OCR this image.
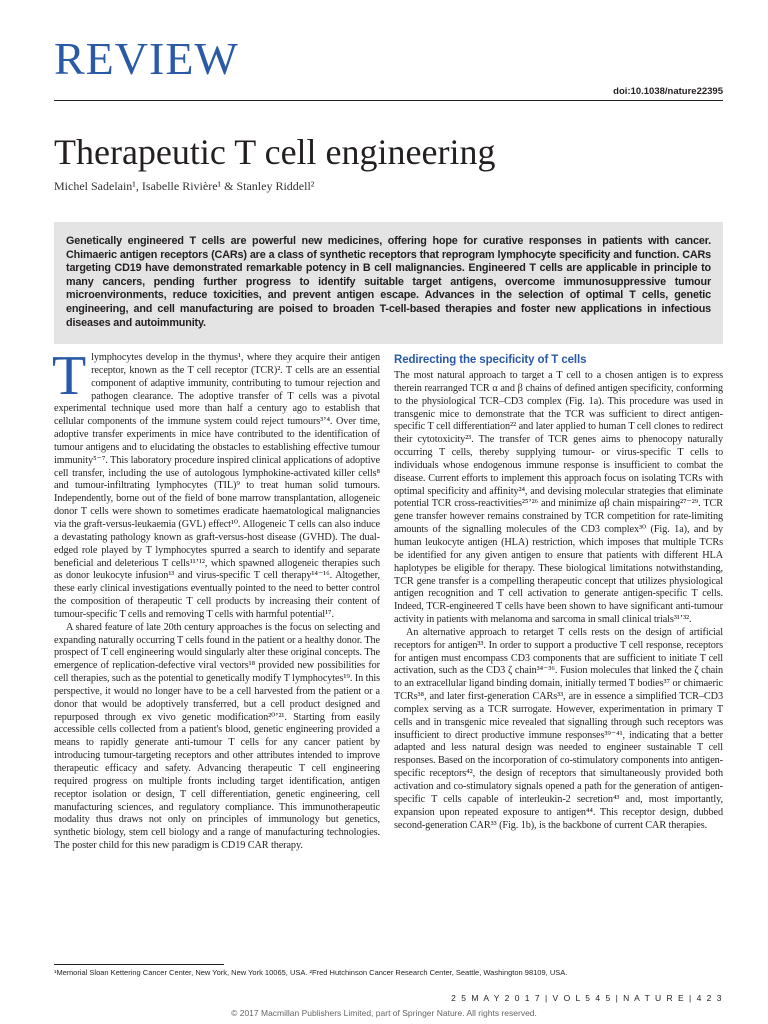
REVIEW
doi:10.1038/nature22395
Therapeutic T cell engineering
Michel Sadelain¹, Isabelle Rivière¹ & Stanley Riddell²

Genetically engineered T cells are powerful new medicines, offering hope for curative responses in patients with cancer. Chimaeric antigen receptors (CARs) are a class of synthetic receptors that reprogram lymphocyte specificity and function. CARs targeting CD19 have demonstrated remarkable potency in B cell malignancies. Engineered T cells are applicable in principle to many cancers, pending further progress to identify suitable target antigens, overcome immunosuppressive tumour microenvironments, reduce toxicities, and prevent antigen escape. Advances in the selection of optimal T cells, genetic engineering, and cell manufacturing are poised to broaden T-cell-based therapies and foster new applications in infectious diseases and autoimmunity.

Tlymphocytes develop in the thymus¹, where they acquire their antigen receptor, known as the T cell receptor (TCR)². T cells are an essential component of adaptive immunity, contributing to tumour rejection and pathogen clearance. The adoptive transfer of T cells was a pivotal experimental technique used more than half a century ago to establish that cellular components of the immune system could reject tumours³ʼ⁴. Over time, adoptive transfer experiments in mice have contributed to the identification of tumour antigens and to elucidating the obstacles to establishing effective tumour immunity⁵⁻⁷. This laboratory procedure inspired clinical applications of adoptive cell transfer, including the use of autologous lymphokine-activated killer cells⁸ and tumour-infiltrating lymphocytes (TIL)⁹ to treat human solid tumours. Independently, borne out of the field of bone marrow transplantation, allogeneic donor T cells were shown to sometimes eradicate haematological malignancies via the graft-versus-leukaemia (GVL) effect¹⁰. Allogeneic T cells can also induce a devastating pathology known as graft-versus-host disease (GVHD). The dual-edged role played by T lymphocytes spurred a search to identify and separate beneficial and deleterious T cells¹¹ʼ¹², which spawned allogeneic therapies such as donor leukocyte infusion¹³ and virus-specific T cell therapy¹⁴⁻¹⁶. Altogether, these early clinical investigations eventually pointed to the need to better control the composition of therapeutic T cell products by increasing their content of tumour-specific T cells and removing T cells with harmful potential¹⁷.

A shared feature of late 20th century approaches is the focus on selecting and expanding naturally occurring T cells found in the patient or a healthy donor. The prospect of T cell engineering would singularly alter these original concepts. The emergence of replication-defective viral vectors¹⁸ provided new possibilities for cell therapies, such as the potential to genetically modify T lymphocytes¹⁹. In this perspective, it would no longer have to be a cell harvested from the patient or a donor that would be adoptively transferred, but a cell product designed and repurposed through ex vivo genetic modification²⁰ʼ²¹. Starting from easily accessible cells collected from a patient's blood, genetic engineering provided a means to rapidly generate anti-tumour T cells for any cancer patient by introducing tumour-targeting receptors and other attributes intended to improve therapeutic efficacy and safety. Advancing therapeutic T cell engineering required progress on multiple fronts including target identification, antigen receptor isolation or design, T cell differentiation, genetic engineering, cell manufacturing sciences, and regulatory compliance. This immunotherapeutic modality thus draws not only on principles of immunology but genetics, synthetic biology, stem cell biology and a range of manufacturing technologies. The poster child for this new paradigm is CD19 CAR therapy.

Redirecting the specificity of T cells

The most natural approach to target a T cell to a chosen antigen is to express therein rearranged TCR α and β chains of defined antigen specificity, conforming to the physiological TCR–CD3 complex (Fig. 1a). This procedure was used in transgenic mice to demonstrate that the TCR was sufficient to direct antigen-specific T cell differentiation²² and later applied to human T cell clones to redirect their cytotoxicity²³. The transfer of TCR genes aims to phenocopy naturally occurring T cells, thereby supplying tumour- or virus-specific T cells to individuals whose endogenous immune response is insufficient to combat the disease. Current efforts to implement this approach focus on isolating TCRs with optimal specificity and affinity²⁴, and devising molecular strategies that eliminate potential TCR cross-reactivities²⁵ʼ²⁶ and minimize αβ chain mispairing²⁷⁻²⁹. TCR gene transfer however remains constrained by TCR competition for rate-limiting amounts of the signalling molecules of the CD3 complex³⁰ (Fig. 1a), and by human leukocyte antigen (HLA) restriction, which imposes that multiple TCRs be identified for any given antigen to ensure that patients with different HLA haplotypes be eligible for therapy. These biological limitations notwithstanding, TCR gene transfer is a compelling therapeutic concept that utilizes physiological antigen recognition and T cell activation to generate antigen-specific T cells. Indeed, TCR-engineered T cells have been shown to have significant anti-tumour activity in patients with melanoma and sarcoma in small clinical trials³¹ʼ³².

An alternative approach to retarget T cells rests on the design of artificial receptors for antigen³³. In order to support a productive T cell response, receptors for antigen must encompass CD3 components that are sufficient to initiate T cell activation, such as the CD3 ζ chain³⁴⁻³⁶. Fusion molecules that linked the ζ chain to an extracellular ligand binding domain, initially termed T bodies³⁷ or chimaeric TCRs³⁸, and later first-generation CARs³³, are in essence a simplified TCR–CD3 complex serving as a TCR surrogate. However, experimentation in primary T cells and in transgenic mice revealed that signalling through such receptors was insufficient to direct productive immune responses³⁹⁻⁴¹, indicating that a better adapted and less natural design was needed to engineer sustainable T cell responses. Based on the incorporation of co-stimulatory components into antigen-specific receptors⁴², the design of receptors that simultaneously provided both activation and co-stimulatory signals opened a path for the generation of antigen-specific T cells capable of interleukin-2 secretion⁴³ and, most importantly, expansion upon repeated exposure to antigen⁴⁴. This receptor design, dubbed second-generation CAR³³ (Fig. 1b), is the backbone of current CAR therapies.

¹Memorial Sloan Kettering Cancer Center, New York, New York 10065, USA. ²Fred Hutchinson Cancer Research Center, Seattle, Washington 98109, USA.
2 5 M A Y 2 0 1 7 | V O L 5 4 5 | N A T U R E | 4 2 3
© 2017 Macmillan Publishers Limited, part of Springer Nature. All rights reserved.
